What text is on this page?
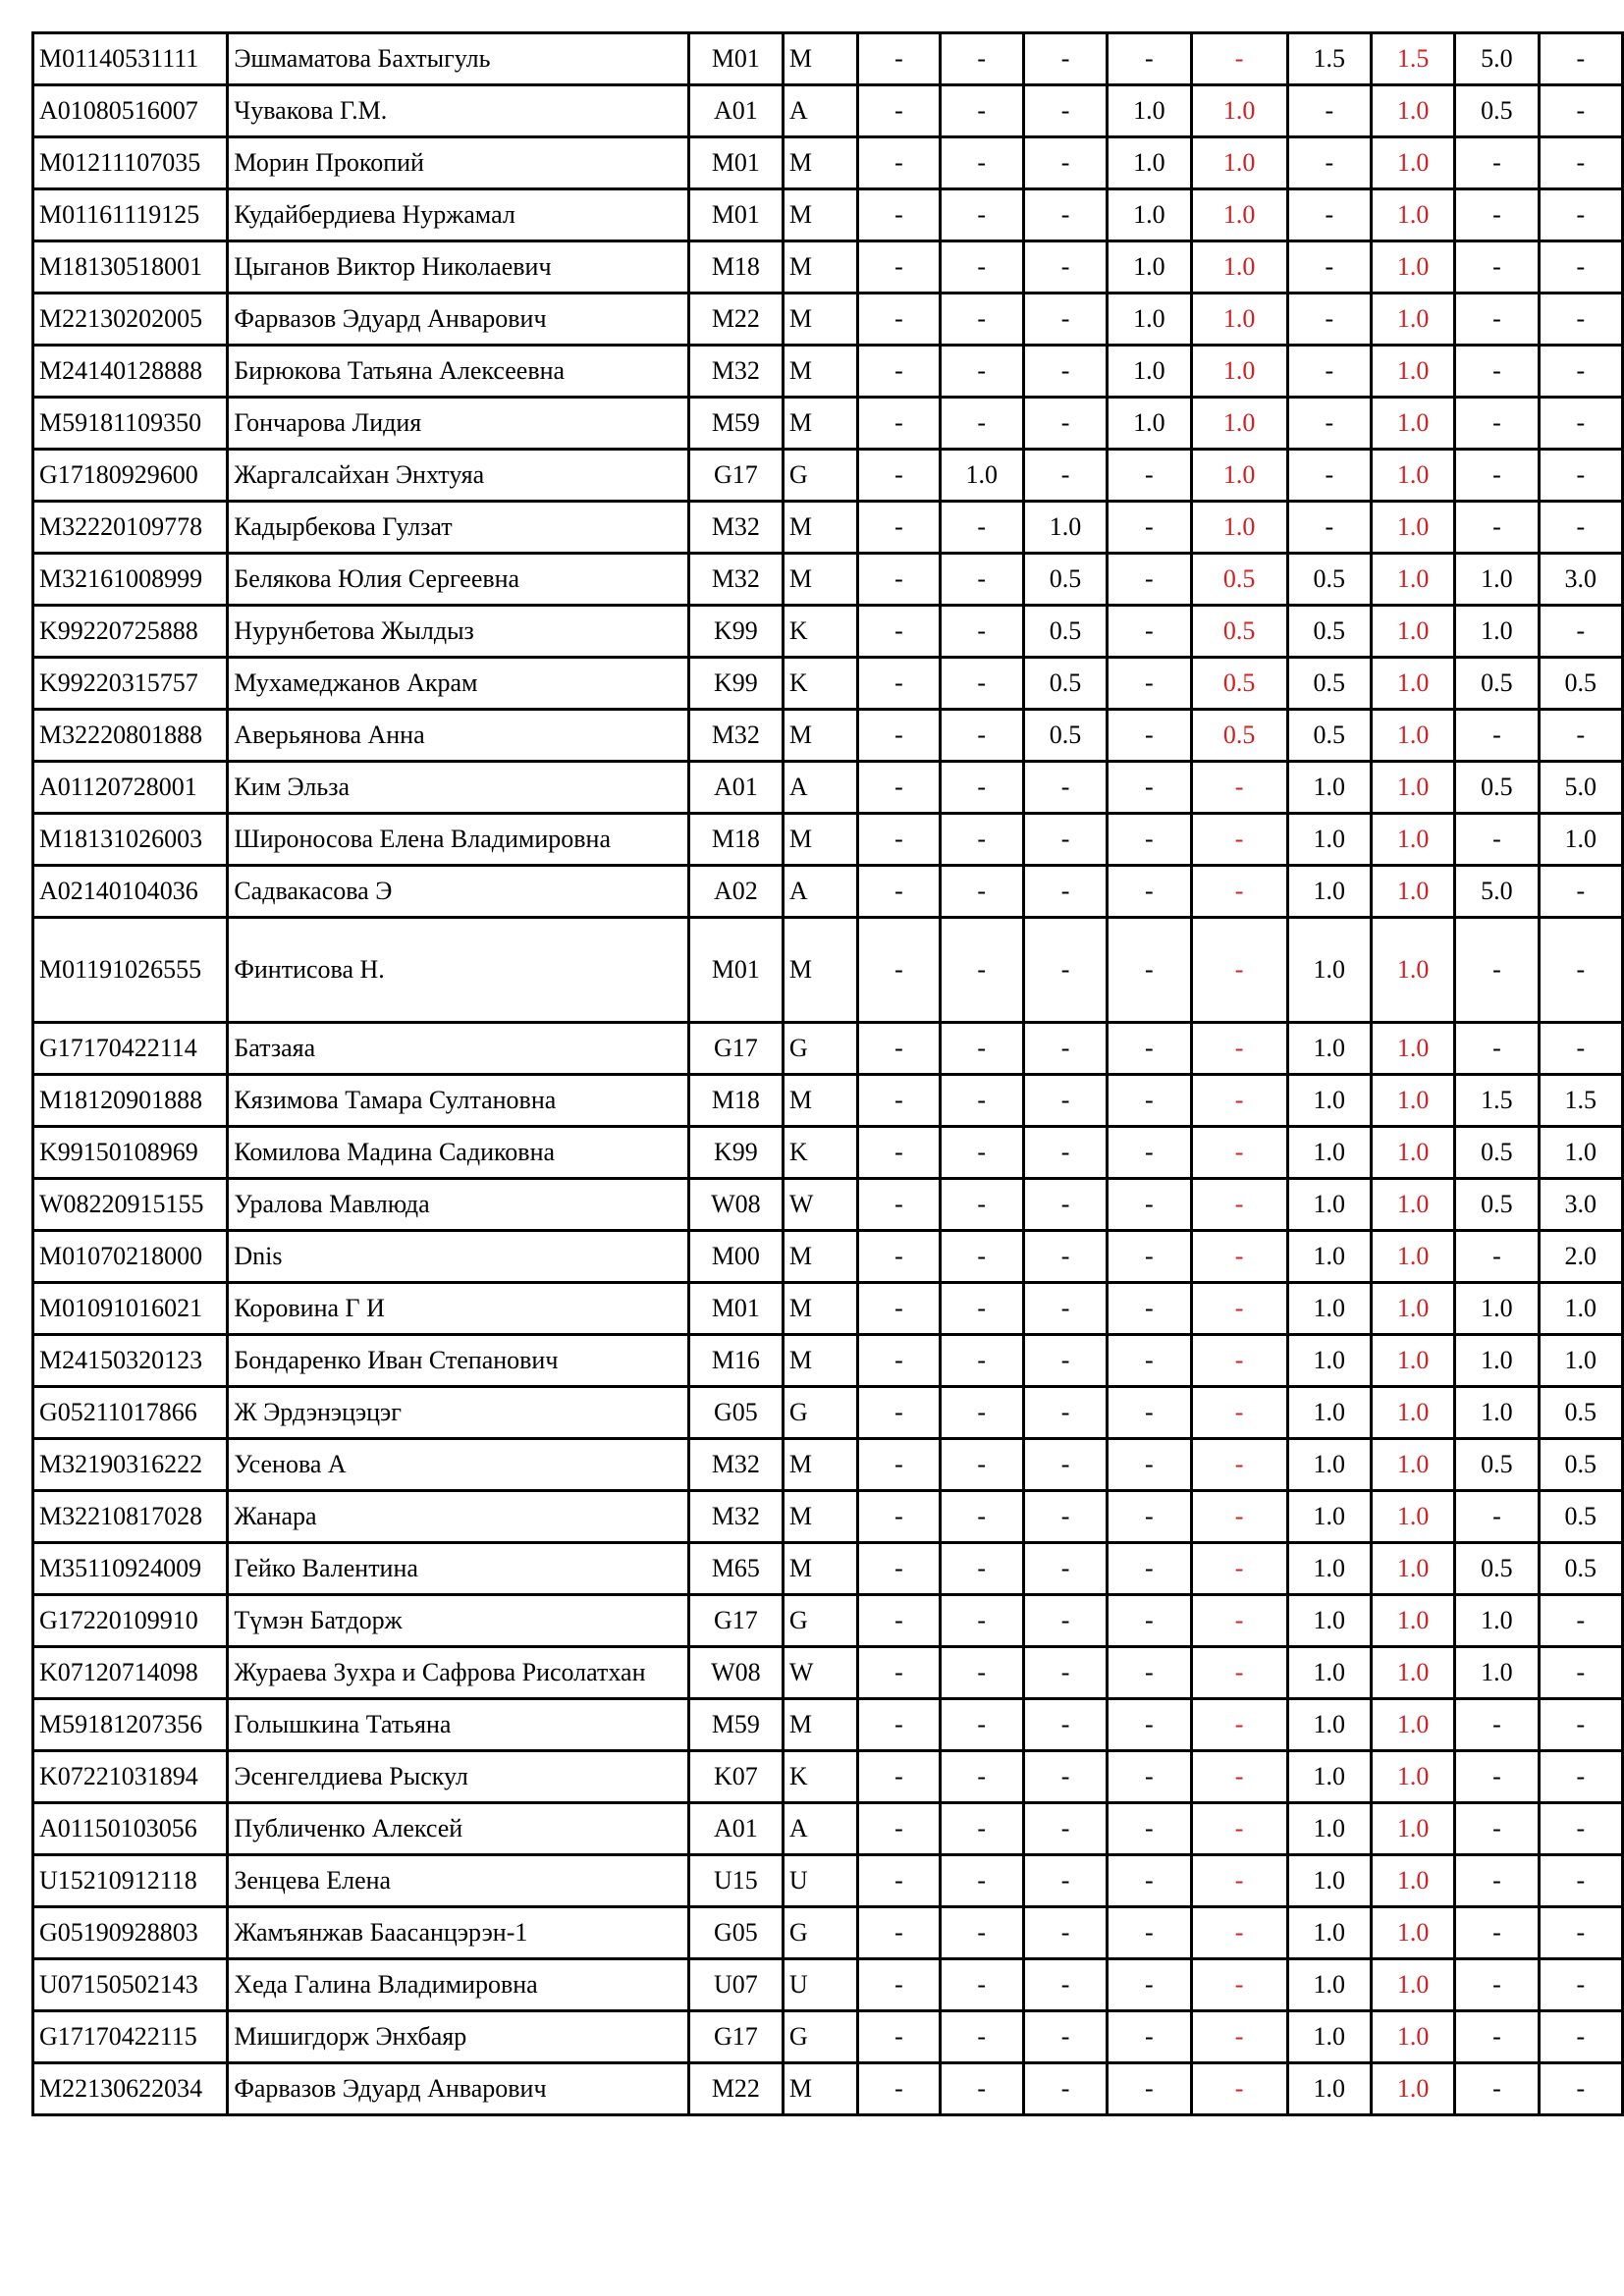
M01140531111	Эшмаматова Бахтыгуль	M01	M	-	-	-	-	-	1.5	1.5	5.0	-
A01080516007	Чувакова Г.М.	A01	A	-	-	-	1.0	1.0	-	1.0	0.5	-
M01211107035	Морин Прокопий	M01	M	-	-	-	1.0	1.0	-	1.0	-	-
M01161119125	Кудайбердиева Нуржамал	M01	M	-	-	-	1.0	1.0	-	1.0	-	-
M18130518001	Цыганов Виктор Николаевич	M18	M	-	-	-	1.0	1.0	-	1.0	-	-
M22130202005	Фарвазов Эдуард Анварович	M22	M	-	-	-	1.0	1.0	-	1.0	-	-
M24140128888	Бирюкова Татьяна Алексеевна	M32	M	-	-	-	1.0	1.0	-	1.0	-	-
M59181109350	Гончарова Лидия	M59	M	-	-	-	1.0	1.0	-	1.0	-	-
G17180929600	Жаргалсайхан Энхтуяа	G17	G	-	1.0	-	-	1.0	-	1.0	-	-
M32220109778	Кадырбекова Гулзат	M32	M	-	-	1.0	-	1.0	-	1.0	-	-
M32161008999	Белякова Юлия Сергеевна	M32	M	-	-	0.5	-	0.5	0.5	1.0	1.0	3.0
K99220725888	Нурунбетова Жылдыз	K99	K	-	-	0.5	-	0.5	0.5	1.0	1.0	-
K99220315757	Мухамеджанов Акрам	K99	K	-	-	0.5	-	0.5	0.5	1.0	0.5	0.5
M32220801888	Аверьянова Анна	M32	M	-	-	0.5	-	0.5	0.5	1.0	-	-
A01120728001	Ким Эльза	A01	A	-	-	-	-	-	1.0	1.0	0.5	5.0
M18131026003	Широносова Елена Владимировна	M18	M	-	-	-	-	-	1.0	1.0	-	1.0
A02140104036	Садвакасова Э	A02	A	-	-	-	-	-	1.0	1.0	5.0	-
M01191026555	Финтисова Н.	M01	M	-	-	-	-	-	1.0	1.0	-	-
G17170422114	Батзаяа	G17	G	-	-	-	-	-	1.0	1.0	-	-
M18120901888	Кязимова Тамара Султановна	M18	M	-	-	-	-	-	1.0	1.0	1.5	1.5
K99150108969	Комилова Мадина Садиковна	K99	K	-	-	-	-	-	1.0	1.0	0.5	1.0
W08220915155	Уралова Мавлюда	W08	W	-	-	-	-	-	1.0	1.0	0.5	3.0
M01070218000	Dnis	M00	M	-	-	-	-	-	1.0	1.0	-	2.0
M01091016021	Коровина Г И	M01	M	-	-	-	-	-	1.0	1.0	1.0	1.0
M24150320123	Бондаренко Иван Степанович	M16	M	-	-	-	-	-	1.0	1.0	1.0	1.0
G05211017866	Ж Эрдэнэцэцэг	G05	G	-	-	-	-	-	1.0	1.0	1.0	0.5
M32190316222	Усенова А	M32	M	-	-	-	-	-	1.0	1.0	0.5	0.5
M32210817028	Жанара	M32	M	-	-	-	-	-	1.0	1.0	-	0.5
M35110924009	Гейко Валентина	M65	M	-	-	-	-	-	1.0	1.0	0.5	0.5
G17220109910	Түмэн Батдорж	G17	G	-	-	-	-	-	1.0	1.0	1.0	-
K07120714098	Жураева Зухра и Сафрова Рисолатхан	W08	W	-	-	-	-	-	1.0	1.0	1.0	-
M59181207356	Голышкина Татьяна	M59	M	-	-	-	-	-	1.0	1.0	-	-
K07221031894	Эсенгелдиева Рыскул	K07	K	-	-	-	-	-	1.0	1.0	-	-
A01150103056	Публиченко Алексей	A01	A	-	-	-	-	-	1.0	1.0	-	-
U15210912118	Зенцева Елена	U15	U	-	-	-	-	-	1.0	1.0	-	-
G05190928803	Жамъянжав Баасанцэрэн-1	G05	G	-	-	-	-	-	1.0	1.0	-	-
U07150502143	Хеда Галина Владимировна	U07	U	-	-	-	-	-	1.0	1.0	-	-
G17170422115	Мишигдорж Энхбаяр	G17	G	-	-	-	-	-	1.0	1.0	-	-
M22130622034	Фарвазов Эдуард Анварович	M22	M	-	-	-	-	-	1.0	1.0	-	-
